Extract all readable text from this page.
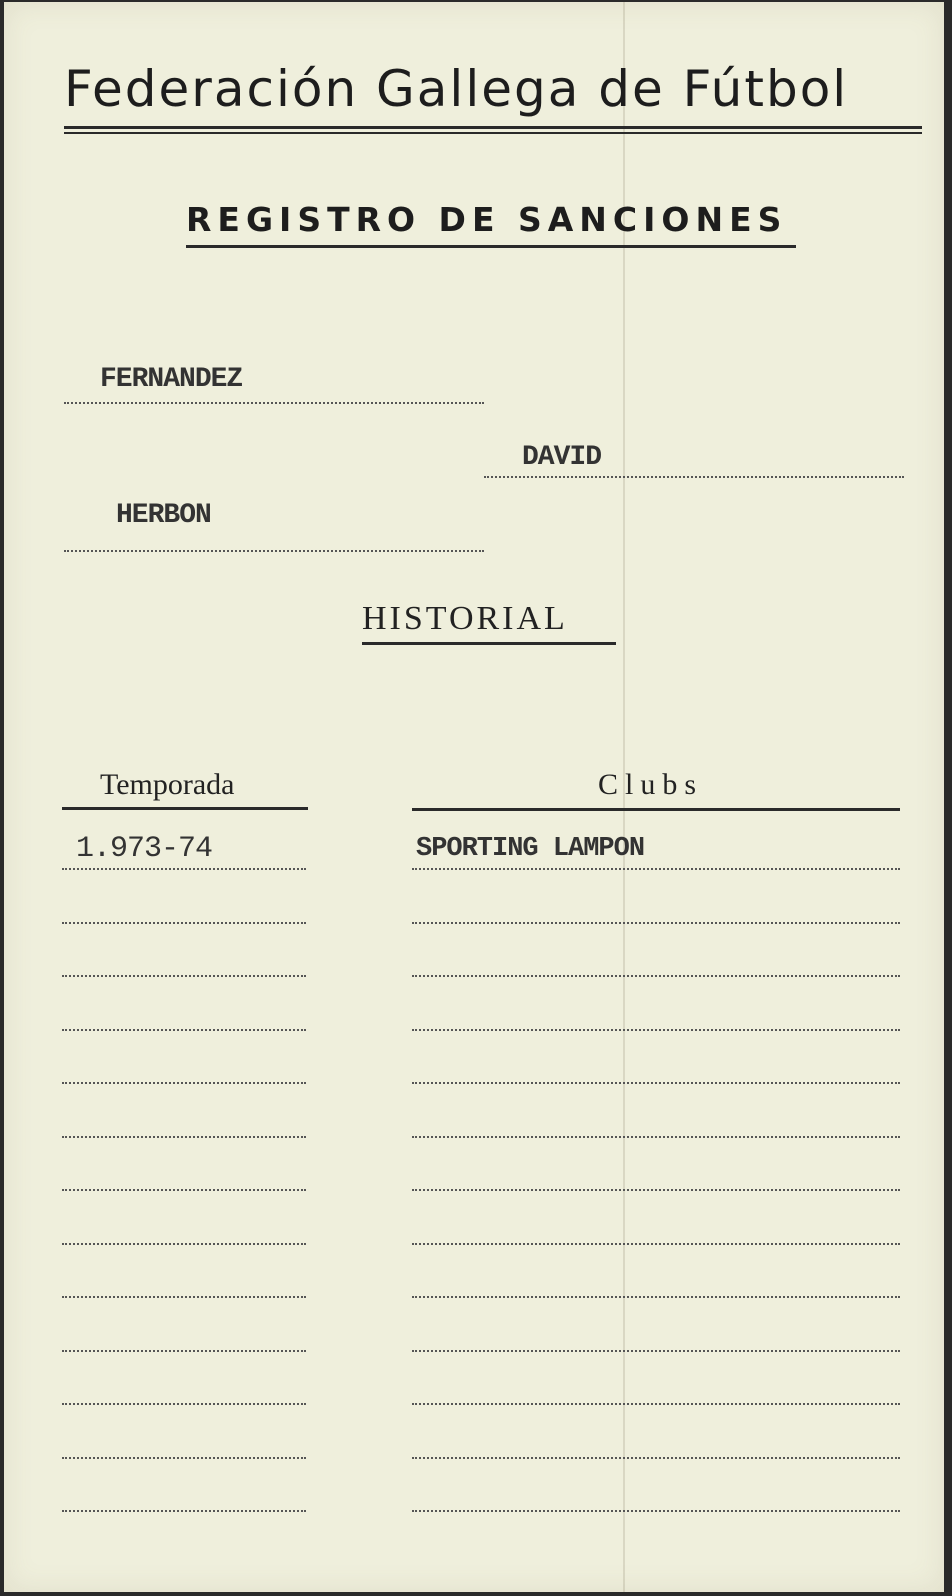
Federación Gallega de Fútbol
REGISTRO DE SANCIONES
FERNANDEZ
DAVID
HERBON
HISTORIAL
Temporada	Clubs
1.973-74	SPORTING LAMPON
